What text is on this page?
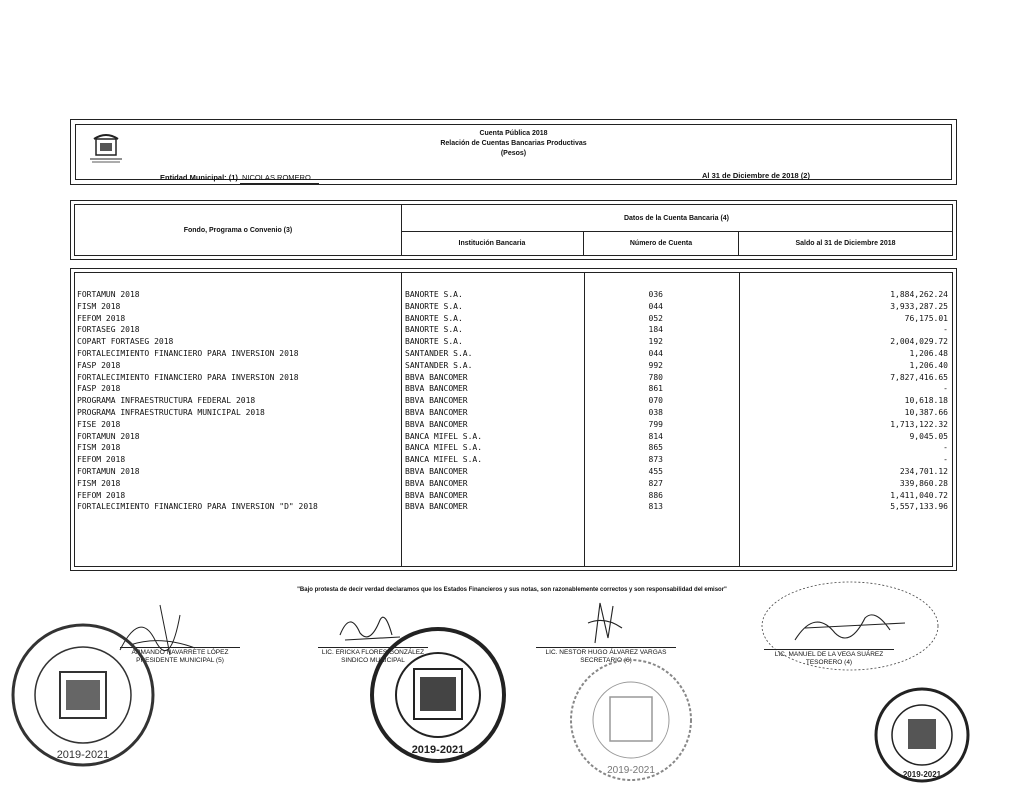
Cuenta Pública 2018
Relación de Cuentas Bancarias Productivas
(Pesos)
Entidad Municipal: (1) NICOLAS ROMERO	Al 31 de Diciembre de 2018 (2)
Fondo, Programa o Convenio (3)
Datos de la Cuenta Bancaria (4)
Institución Bancaria	Número de Cuenta	Saldo al 31 de Diciembre 2018
FORTAMUN 2018	BANORTE S.A.	036	1,884,262.24
FISM 2018	BANORTE S.A.	044	3,933,287.25
FEFOM 2018	BANORTE S.A.	052	76,175.01
FORTASEG 2018	BANORTE S.A.	184	-
COPART FORTASEG 2018	BANORTE S.A.	192	2,004,029.72
FORTALECIMIENTO FINANCIERO PARA INVERSION 2018	SANTANDER S.A.	044	1,206.48
FASP 2018	SANTANDER S.A.	992	1,206.40
FORTALECIMIENTO FINANCIERO PARA INVERSION 2018	BBVA BANCOMER	780	7,827,416.65
FASP 2018	BBVA BANCOMER	861	-
PROGRAMA INFRAESTRUCTURA FEDERAL 2018	BBVA BANCOMER	070	10,618.18
PROGRAMA INFRAESTRUCTURA MUNICIPAL 2018	BBVA BANCOMER	038	10,387.66
FISE 2018	BBVA BANCOMER	799	1,713,122.32
FORTAMUN 2018	BANCA MIFEL S.A.	814	9,045.05
FISM 2018	BANCA MIFEL S.A.	865	-
FEFOM 2018	BANCA MIFEL S.A.	873	-
FORTAMUN 2018	BBVA BANCOMER	455	234,701.12
FISM 2018	BBVA BANCOMER	827	339,860.28
FEFOM 2018	BBVA BANCOMER	886	1,411,040.72
FORTALECIMIENTO FINANCIERO PARA INVERSION "D" 2018	BBVA BANCOMER	813	5,557,133.96
"Bajo protesta de decir verdad declaramos que los Estados Financieros y sus notas, son razonablemente correctos y son responsabilidad del emisor"
ARMANDO NAVARRETE LÓPEZ
PRESIDENTE MUNICIPAL (5)
LIC. ERICKA FLORES GONZÁLEZ
SINDICO MUNICIPAL
LIC. NESTOR HUGO ÁLVAREZ VARGAS
SECRETARIO (6)
LIC. MANUEL DE LA VEGA SUÁREZ
TESORERO (4)
2019-2021	2019-2021
2019-2021	2019-2021
